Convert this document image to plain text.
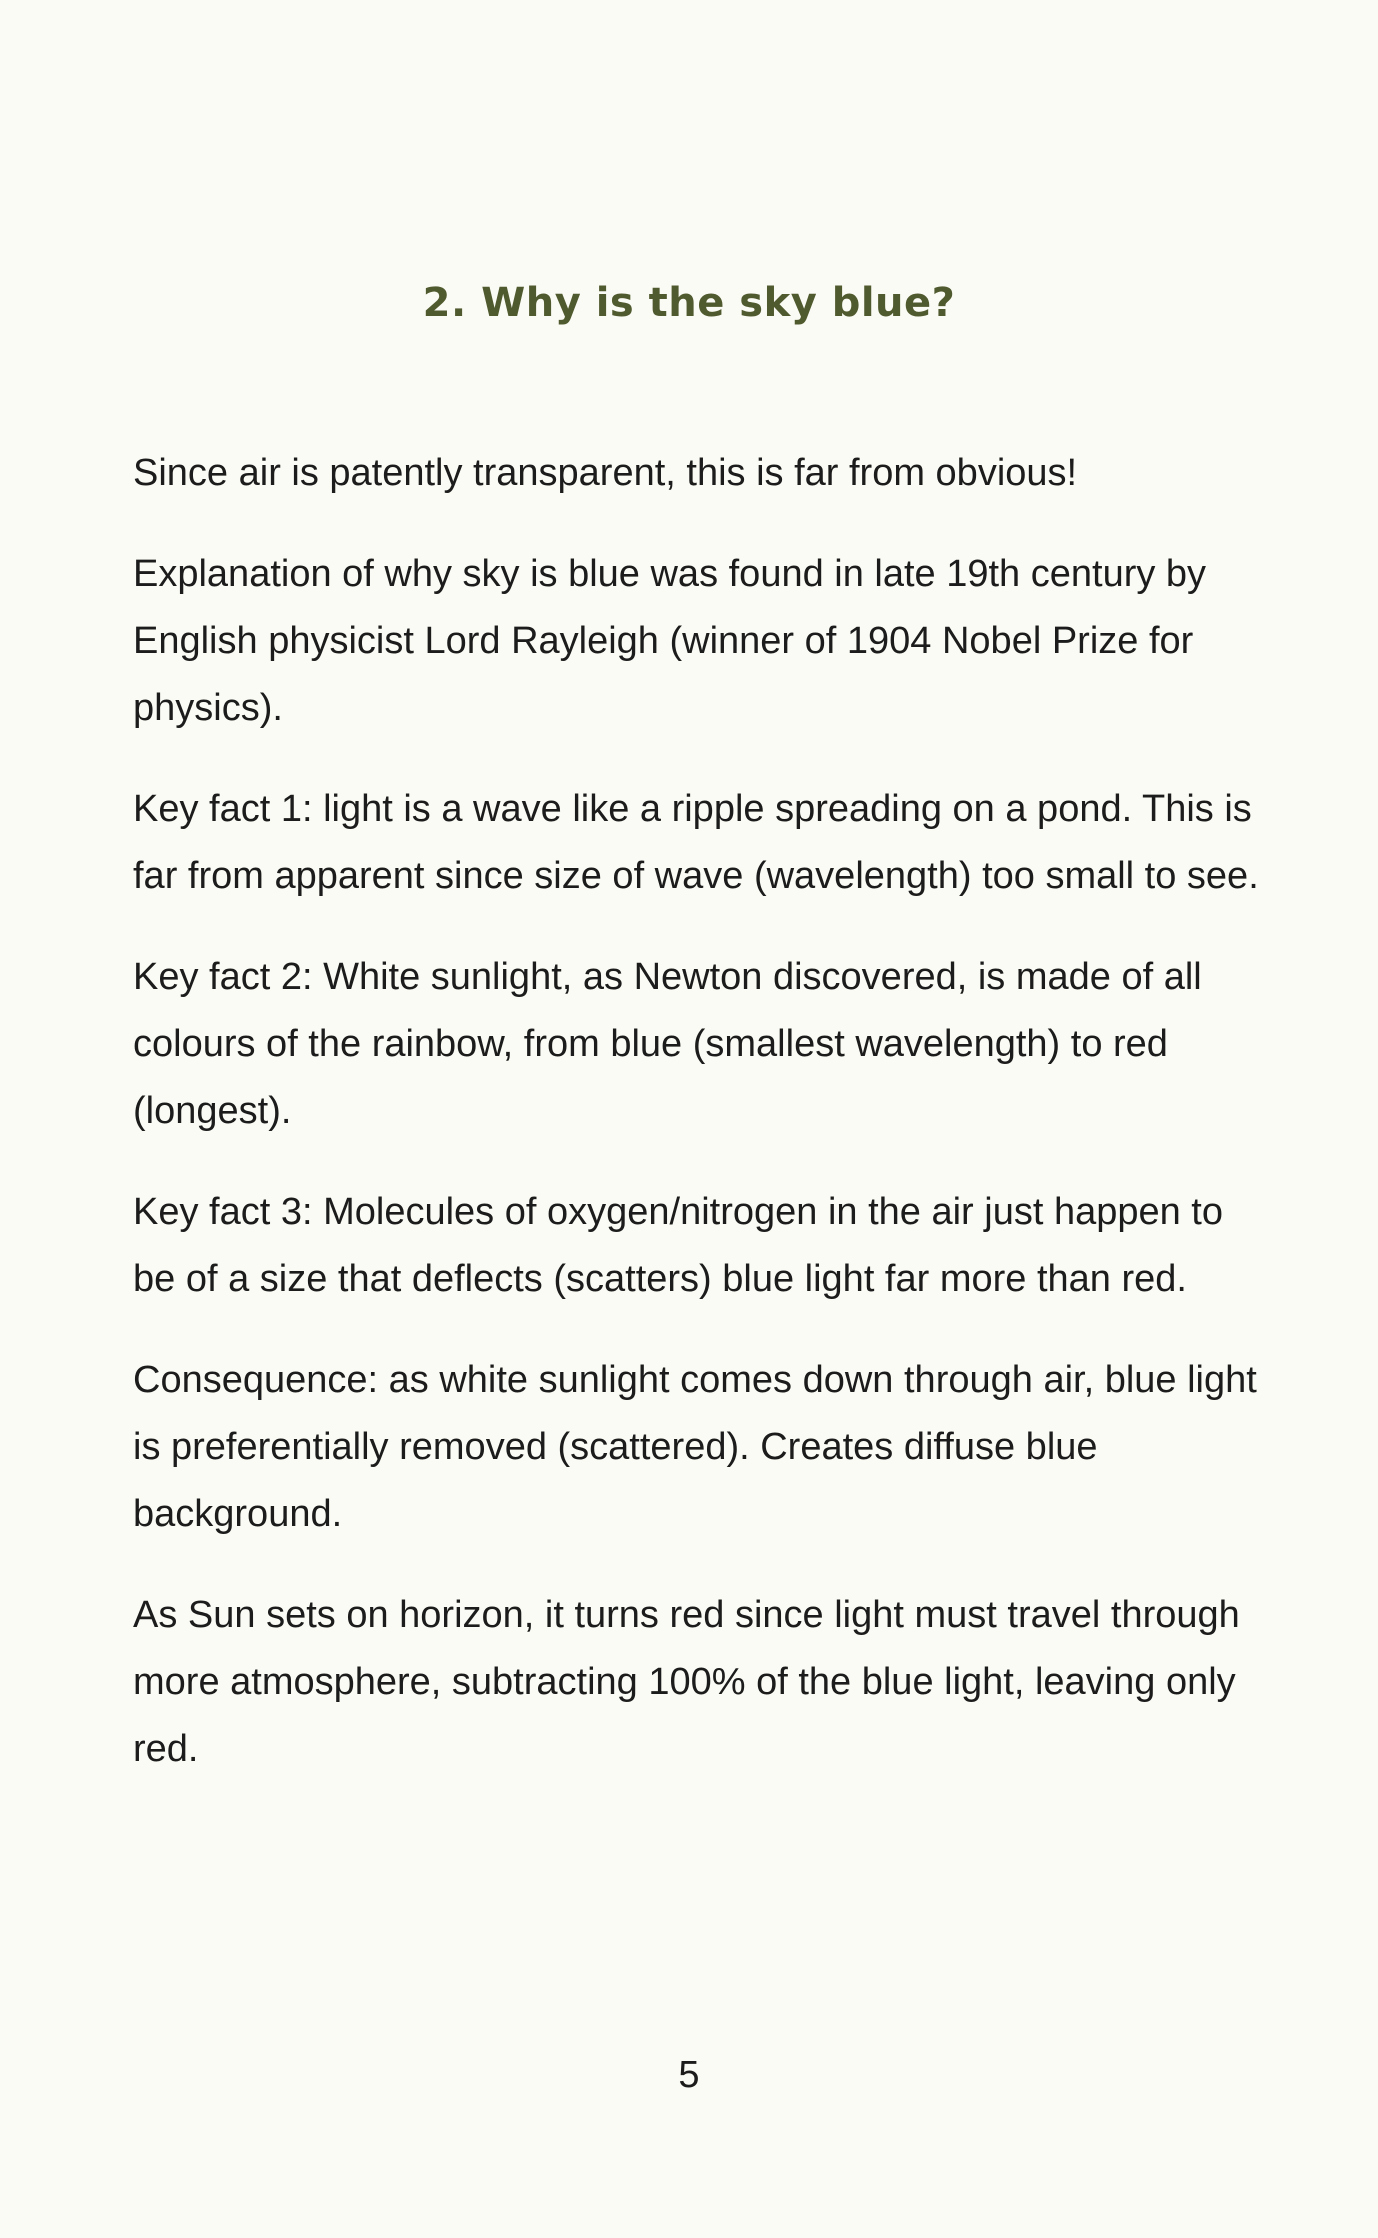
2. Why is the sky blue?

Since air is patently transparent, this is far from obvious!

Explanation of why sky is blue was found in late 19th century by English physicist Lord Rayleigh (winner of 1904 Nobel Prize for physics).

Key fact 1: light is a wave like a ripple spreading on a pond. This is far from apparent since size of wave (wavelength) too small to see.

Key fact 2: White sunlight, as Newton discovered, is made of all colours of the rainbow, from blue (smallest wavelength) to red (longest).

Key fact 3: Molecules of oxygen/nitrogen in the air just happen to be of a size that deflects (scatters) blue light far more than red.

Consequence: as white sunlight comes down through air, blue light is preferentially removed (scattered). Creates diffuse blue background.

As Sun sets on horizon, it turns red since light must travel through more atmosphere, subtracting 100% of the blue light, leaving only red.

5
